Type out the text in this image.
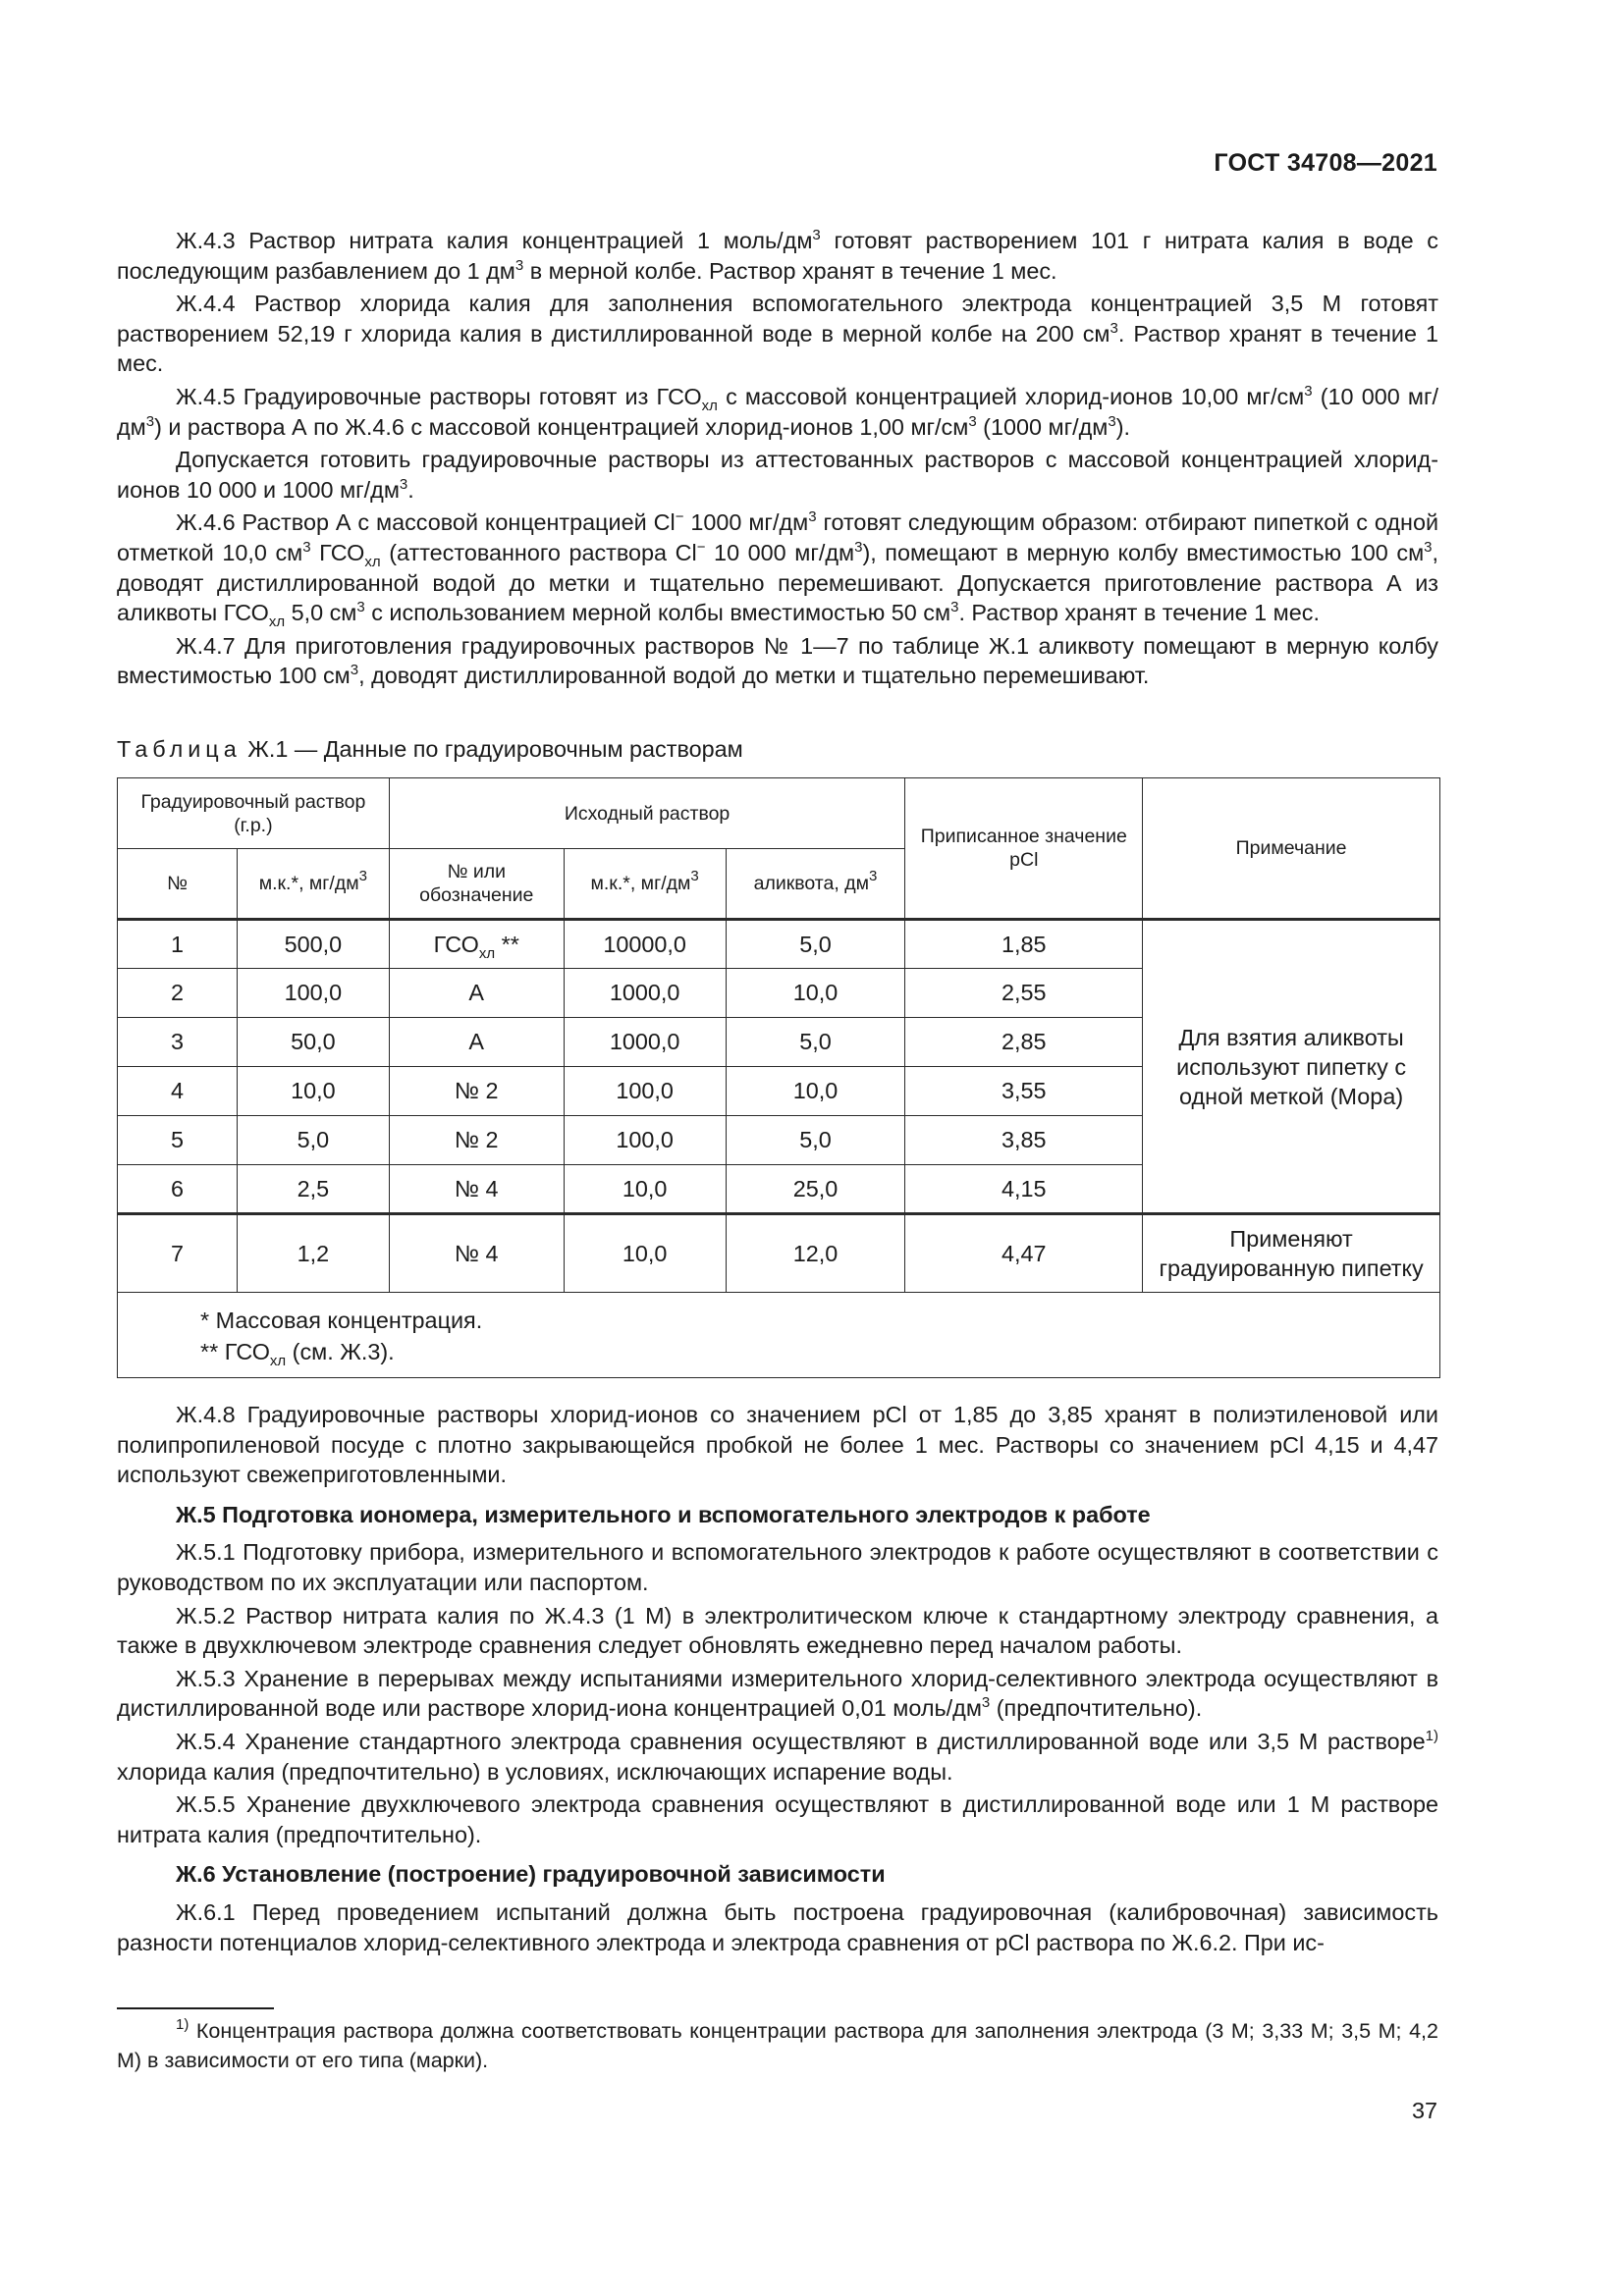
ГОСТ 34708—2021

Ж.4.3 Раствор нитрата калия концентрацией 1 моль/$дм^3$ готовят растворением 101 г нитрата калия в воде с последующим разбавлением до 1 $дм^3$ в мерной колбе. Раствор хранят в течение 1 мес.

Ж.4.4 Раствор хлорида калия для заполнения вспомогательного электрода концентрацией 3,5 М готовят растворением 52,19 г хлорида калия в дистиллированной воде в мерной колбе на 200 $см^3$. Раствор хранят в течение 1 мес.

Ж.4.5 Градуировочные растворы готовят из $ГСО_{хл}$ с массовой концентрацией хлорид-ионов 10,00 $мг/см^3$ (10 000 $мг/дм^3$) и раствора А по Ж.4.6 с массовой концентрацией хлорид-ионов 1,00 $мг/см^3$ (1000 $мг/дм^3$).

Допускается готовить градуировочные растворы из аттестованных растворов с массовой концентрацией хлорид-ионов 10 000 и 1000 $мг/дм^3$.

Ж.4.6 Раствор А с массовой концентрацией Cl− 1000 $мг/дм^3$ готовят следующим образом: отбирают пипеткой с одной отметкой 10,0 $см^3$ $ГСО_{хл}$ (аттестованного раствора Cl− 10 000 $мг/дм^3$), помещают в мерную колбу вместимостью 100 $см^3$, доводят дистиллированной водой до метки и тщательно перемешивают. Допускается приготовление раствора А из аликвоты $ГСО_{хл}$ 5,0 $см^3$ с использованием мерной колбы вместимостью 50 $см^3$. Раствор хранят в течение 1 мес.

Ж.4.7 Для приготовления градуировочных растворов № 1—7 по таблице Ж.1 аликвоту помещают в мерную колбу вместимостью 100 $см^3$, доводят дистиллированной водой до метки и тщательно перемешивают.

Таблица Ж.1 — Данные по градуировочным растворам
Градуировочный раствор (г.р.)		Исходный раствор			Приписанное значение pCl	Примечание
№	м.к.*, $мг/дм^3$	№ или обозначение	м.к.*, $мг/дм^3$	аликвота, $дм^3$
1	500,0	$ГСО_{хл}$ **	10000,0	5,0	1,85	Для взятия аликвоты используют пипетку с одной меткой (Мора)
2	100,0	А	1000,0	10,0	2,55	
3	50,0	А	1000,0	5,0	2,85	
4	10,0	№ 2	100,0	10,0	3,55	
5	5,0	№ 2	100,0	5,0	3,85	
6	2,5	№ 4	10,0	25,0	4,15	
7	1,2	№ 4	10,0	12,0	4,47	Применяют градуированную пипетку

* Массовая концентрация.
** $ГСО_{хл}$ (см. Ж.3).						

Ж.4.8 Градуировочные растворы хлорид-ионов со значением pCl от 1,85 до 3,85 хранят в полиэтиленовой или полипропиленовой посуде с плотно закрывающейся пробкой не более 1 мес. Растворы со значением pCl 4,15 и 4,47 используют свежеприготовленными.

Ж.5 Подготовка иономера, измерительного и вспомогательного электродов к работе

Ж.5.1 Подготовку прибора, измерительного и вспомогательного электродов к работе осуществляют в соответствии с руководством по их эксплуатации или паспортом.

Ж.5.2 Раствор нитрата калия по Ж.4.3 (1 М) в электролитическом ключе к стандартному электроду сравнения, а также в двухключевом электроде сравнения следует обновлять ежедневно перед началом работы.

Ж.5.3 Хранение в перерывах между испытаниями измерительного хлорид-селективного электрода осуществляют в дистиллированной воде или растворе хлорид-иона концентрацией 0,01 моль/$дм^3$ (предпочтительно).

Ж.5.4 Хранение стандартного электрода сравнения осуществляют в дистиллированной воде или 3,5 М растворе$^{1)}$ хлорида калия (предпочтительно) в условиях, исключающих испарение воды.

Ж.5.5 Хранение двухключевого электрода сравнения осуществляют в дистиллированной воде или 1 М растворе нитрата калия (предпочтительно).

Ж.6 Установление (построение) градуировочной зависимости

Ж.6.1 Перед проведением испытаний должна быть построена градуировочная (калибровочная) зависимость разности потенциалов хлорид-селективного электрода и электрода сравнения от pCl раствора по Ж.6.2. При ис-

$^{1)}$ Концентрация раствора должна соответствовать концентрации раствора для заполнения электрода (3 М; 3,33 М; 3,5 М; 4,2 М) в зависимости от его типа (марки).

37
